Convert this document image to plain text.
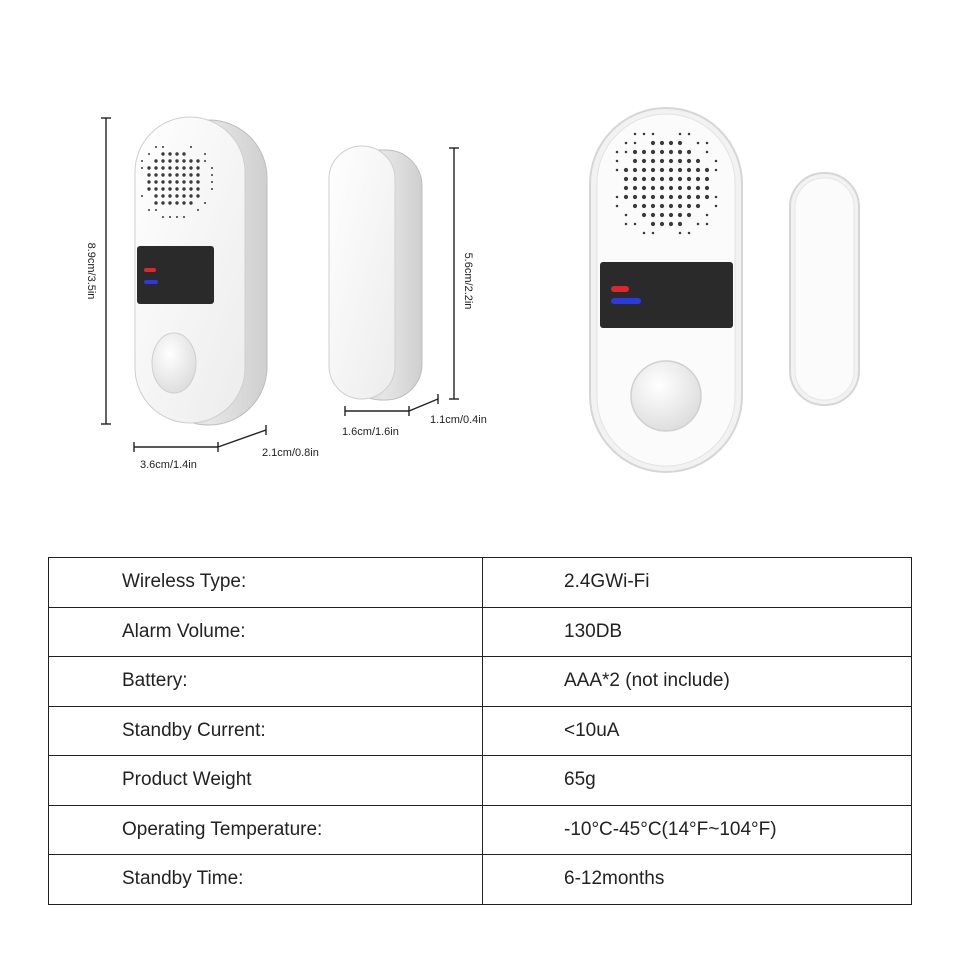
8.9cm/3.5in
3.6cm/1.4in
2.1cm/0.8in
5.6cm/2.2in
1.6cm/1.6in
1.1cm/0.4in
Wireless Type:	2.4GWi-Fi
Alarm Volume:	130DB
Battery:	AAA*2 (not include)
Standby Current:	<10uA
Product Weight	65g
Operating Temperature:	-10°C-45°C(14°F~104°F)
Standby Time:	6-12months
